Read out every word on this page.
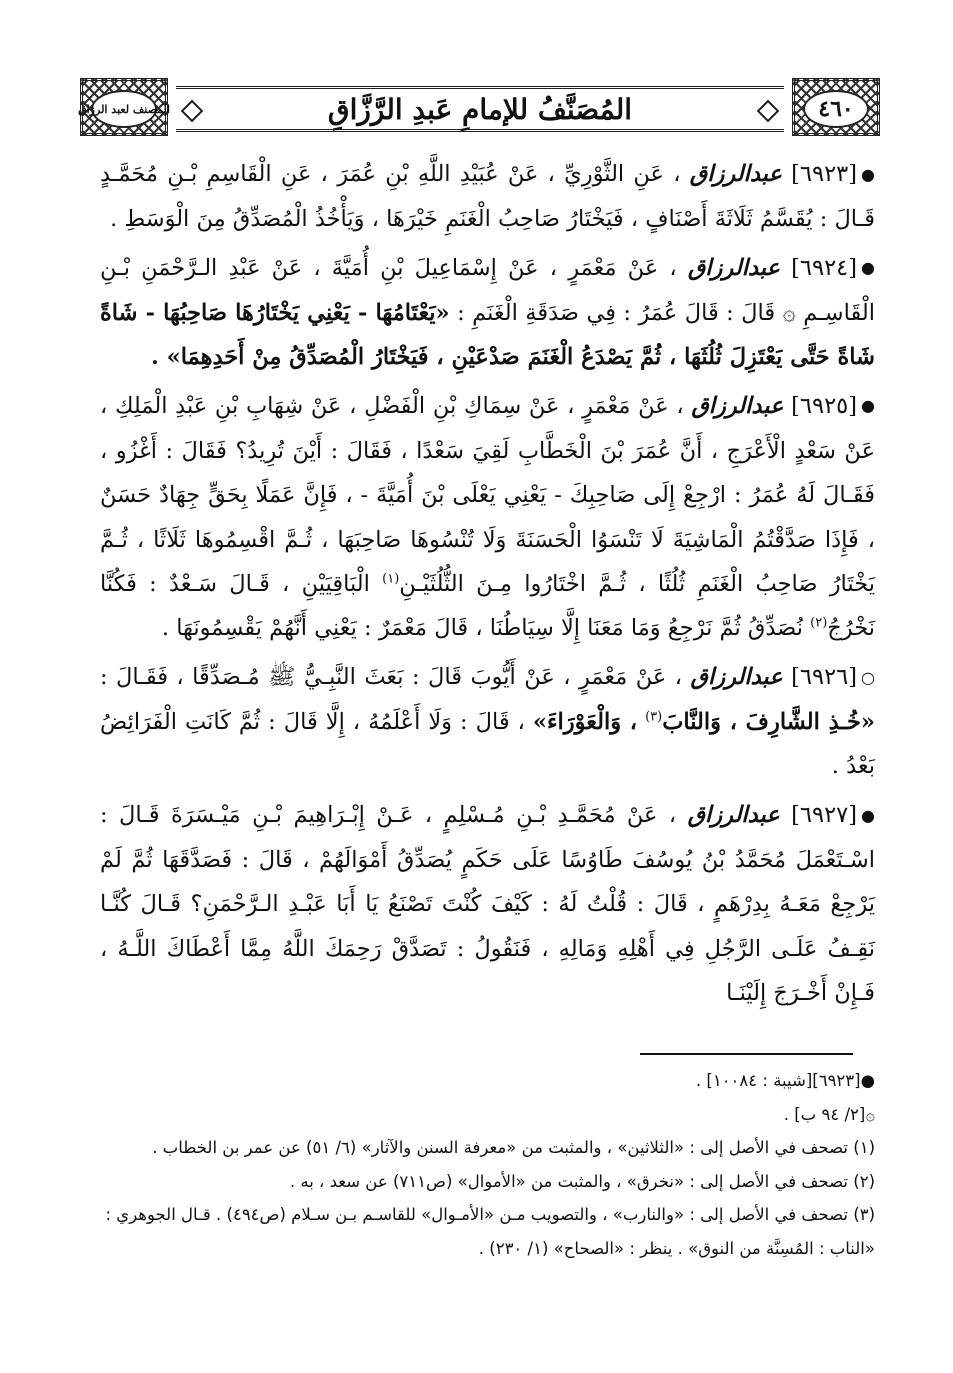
المصنف لعبد الرزاق	المُصَنَّفُ للإمامِ عَبدِ الرَّزَّاقِ	٤٦٠

●[٦٩٢٣] عبدالرزاق ، عَنِ الثَّوْرِيِّ ، عَنْ عُبَيْدِ اللَّهِ بْنِ عُمَرَ ، عَنِ الْقَاسِمِ بْـنِ مُحَمَّـدٍ قَـالَ : يُقَسَّمُ ثَلَاثَةَ أَصْنَافٍ ، فَيَخْتَارُ صَاحِبُ الْغَنَمِ خَيْرَهَا ، وَيَأْخُذُ الْمُصَدِّقُ مِنَ الْوَسَطِ .

●[٦٩٢٤] عبدالرزاق ، عَنْ مَعْمَرٍ ، عَنْ إِسْمَاعِيلَ بْنِ أُمَيَّةَ ، عَنْ عَبْدِ الـرَّحْمَنِ بْـنِ الْقَاسِـمِ ۞ قَالَ : قَالَ عُمَرُ : فِي صَدَقَةِ الْغَنَمِ : «يَعْتَامُهَا - يَعْنِي يَخْتَارُهَا صَاحِبُهَا - شَاةً شَاةً حَتَّى يَعْتَزِلَ ثُلُثَهَا ، ثُمَّ يَصْدَعُ الْغَنَمَ صَدْعَيْنِ ، فَيَخْتَارُ الْمُصَدِّقُ مِنْ أَحَدِهِمَا» .

●[٦٩٢٥] عبدالرزاق ، عَنْ مَعْمَرٍ ، عَنْ سِمَاكِ بْنِ الْفَضْلِ ، عَنْ شِهَابِ بْنِ عَبْدِ الْمَلِكِ ، عَنْ سَعْدٍ الْأَعْرَجِ ، أَنَّ عُمَرَ بْنَ الْخَطَّابِ لَقِيَ سَعْدًا ، فَقَالَ : أَيْنَ تُرِيدُ؟ فَقَالَ : أَغْزُو ، فَقَـالَ لَهُ عُمَرُ : ارْجِعْ إِلَى صَاحِبِكَ - يَعْنِي يَعْلَى بْنَ أُمَيَّةَ - ، فَإِنَّ عَمَلًا بِحَقٍّ جِهَادٌ حَسَنٌ ، فَإِذَا صَدَّقْتُمُ الْمَاشِيَةَ لَا تَنْسَوُا الْحَسَنَةَ وَلَا تُنْسُوهَا صَاحِبَهَا ، ثُـمَّ اقْسِمُوهَا ثَلَاثًا ، ثُـمَّ يَخْتَارُ صَاحِبُ الْغَنَمِ ثُلُثًا ، ثُـمَّ اخْتَارُوا مِـنَ الثُّلُثَيْـنِ$^{(١)}$ الْبَاقِيَيْنِ ، قَـالَ سَـعْدٌ : فَكُنَّا نَخْرُجُ$^{(٢)}$ نُصَدِّقُ ثُمَّ نَرْجِعُ وَمَا مَعَنَا إِلَّا سِيَاطُنَا ، قَالَ مَعْمَرٌ : يَعْنِي أَنَّهُمْ يَقْسِمُونَهَا .

○[٦٩٢٦] عبدالرزاق ، عَنْ مَعْمَرٍ ، عَنْ أَيُّوبَ قَالَ : بَعَثَ النَّبِـيُّ ﷺ مُـصَدِّقًا ، فَقَـالَ : «خُـذِ الشَّارِفَ ، وَالنَّابَ$^{(٣)}$ ، وَالْعَوْرَاءَ» ، قَالَ : وَلَا أَعْلَمُهُ ، إِلَّا قَالَ : ثُمَّ كَانَتِ الْفَرَائِضُ بَعْدُ .

●[٦٩٢٧] عبدالرزاق ، عَنْ مُحَمَّـدِ بْـنِ مُـسْلِمٍ ، عَـنْ إِبْـرَاهِيمَ بْـنِ مَيْـسَرَةَ قَـالَ : اسْـتَعْمَلَ مُحَمَّدُ بْنُ يُوسُفَ طَاوُسًا عَلَى حَكَمٍ يُصَدِّقُ أَمْوَالَهُمْ ، قَالَ : فَصَدَّقَهَا ثُمَّ لَمْ يَرْجِعْ مَعَـهُ بِدِرْهَمٍ ، قَالَ : قُلْتُ لَهُ : كَيْفَ كُنْتَ تَصْنَعُ يَا أَبَا عَبْـدِ الـرَّحْمَنِ؟ قَـالَ كُنَّـا نَقِـفُ عَلَـى الرَّجُلِ فِي أَهْلِهِ وَمَالِهِ ، فَنَقُولُ : تَصَدَّقْ رَحِمَكَ اللَّهُ مِمَّا أَعْطَاكَ اللَّـهُ ، فَـإِنْ أَخْـرَجَ إِلَيْنَـا

●[٦٩٢٣][شيبة : ١٠٠٨٤] .

۞[٢/ ٩٤ ب] .

(١) تصحف في الأصل إلى : «الثلاثين» ، والمثبت من «معرفة السنن والآثار» (٦/ ٥١) عن عمر بن الخطاب .

(٢) تصحف في الأصل إلى : «نخرق» ، والمثبت من «الأموال» (ص٧١١) عن سعد ، به .

(٣) تصحف في الأصل إلى : «والنارب» ، والتصويب مـن «الأمـوال» للقاسـم بـن سـلام (ص٤٩٤) . قـال الجوهري : «الناب : المُسِنَّة من النوق» . ينظر : «الصحاح» (١/ ٢٣٠) .
